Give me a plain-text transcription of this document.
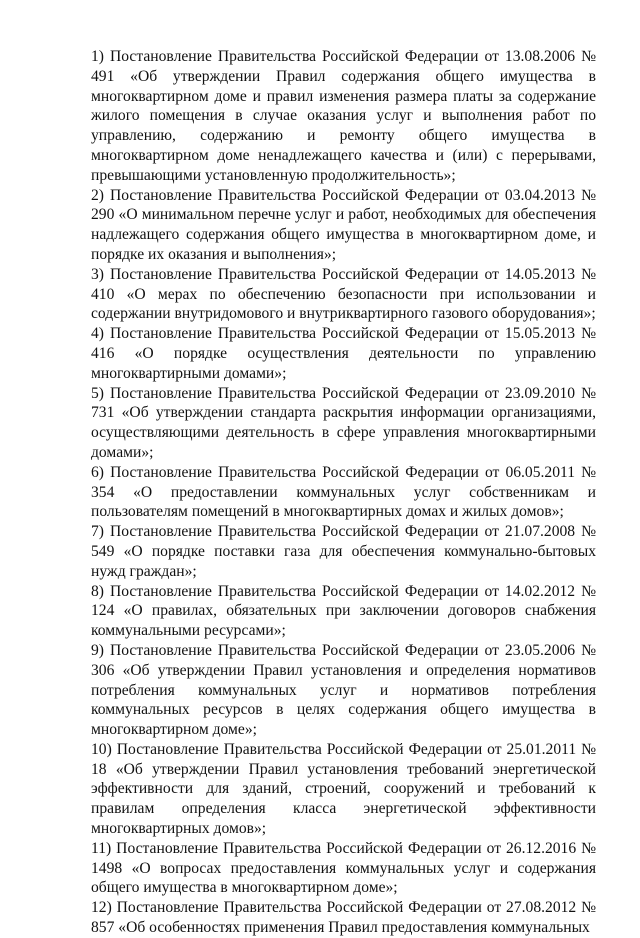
1) Постановление Правительства Российской Федерации от 13.08.2006 № 491 «Об утверждении Правил содержания общего имущества в многоквартирном доме и правил изменения размера платы за содержание жилого помещения в случае оказания услуг и выполнения работ по управлению, содержанию и ремонту общего имущества в многоквартирном доме ненадлежащего качества и (или) с перерывами, превышающими установленную продолжительность»;

2) Постановление Правительства Российской Федерации от 03.04.2013 № 290 «О минимальном перечне услуг и работ, необходимых для обеспечения надлежащего содержания общего имущества в многоквартирном доме, и порядке их оказания и выполнения»;

3) Постановление Правительства Российской Федерации от 14.05.2013 № 410 «О мерах по обеспечению безопасности при использовании и содержании внутридомового и внутриквартирного газового оборудования»;

4) Постановление Правительства Российской Федерации от 15.05.2013 № 416 «О порядке осуществления деятельности по управлению многоквартирными домами»;

5) Постановление Правительства Российской Федерации от 23.09.2010 № 731 «Об утверждении стандарта раскрытия информации организациями, осуществляющими деятельность в сфере управления многоквартирными домами»;

6) Постановление Правительства Российской Федерации от 06.05.2011 № 354 «О предоставлении коммунальных услуг собственникам и пользователям помещений в многоквартирных домах и жилых домов»;

7) Постановление Правительства Российской Федерации от 21.07.2008 № 549 «О порядке поставки газа для обеспечения коммунально-бытовых нужд граждан»;

8) Постановление Правительства Российской Федерации от 14.02.2012 № 124 «О правилах, обязательных при заключении договоров снабжения коммунальными ресурсами»;

9) Постановление Правительства Российской Федерации от 23.05.2006 № 306 «Об утверждении Правил установления и определения нормативов потребления коммунальных услуг и нормативов потребления коммунальных ресурсов в целях содержания общего имущества в многоквартирном доме»;

10) Постановление Правительства Российской Федерации от 25.01.2011 № 18 «Об утверждении Правил установления требований энергетической эффективности для зданий, строений, сооружений и требований к правилам определения класса энергетической эффективности многоквартирных домов»;

11) Постановление Правительства Российской Федерации от 26.12.2016 № 1498 «О вопросах предоставления коммунальных услуг и содержания общего имущества в многоквартирном доме»;

12) Постановление Правительства Российской Федерации от 27.08.2012 № 857 «Об особенностях применения Правил предоставления коммунальных
